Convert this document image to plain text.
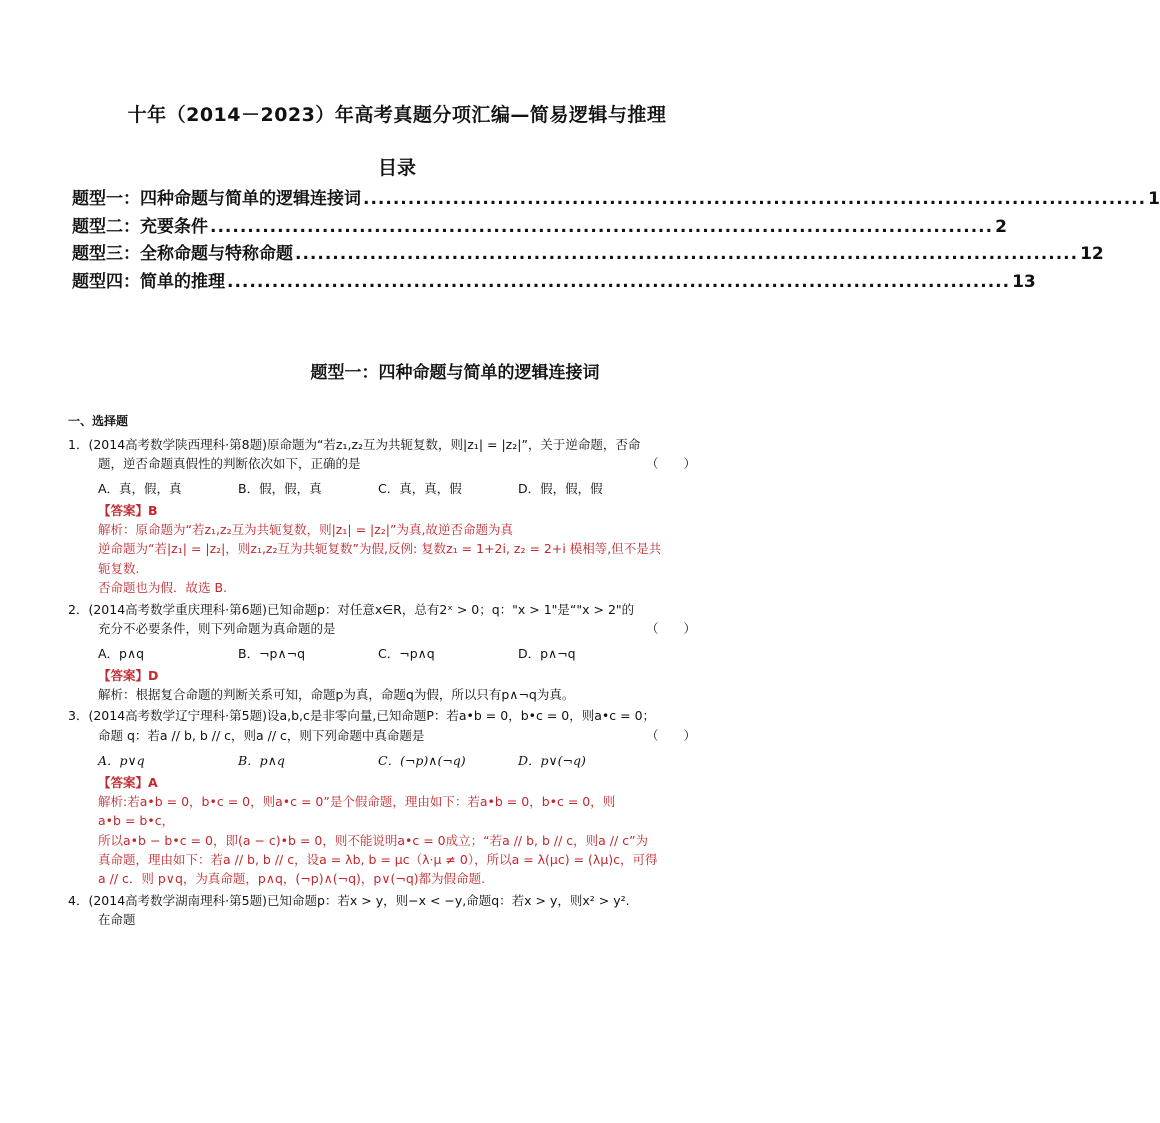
十年（2014－2023）年高考真题分项汇编—简易逻辑与推理
目录
题型一：四种命题与简单的逻辑连接词 ......................................................................................................... 1
题型二：充要条件 ......................................................................................................... 2
题型三：全称命题与特称命题 ......................................................................................................... 12
题型四：简单的推理 ......................................................................................................... 13
题型一：四种命题与简单的逻辑连接词
一、选择题
1．(2014高考数学陕西理科·第8题)原命题为“若z₁,z₂互为共轭复数，则|z₁| = |z₂|”，关于逆命题，否命
题，逆否命题真假性的判断依次如下，正确的是	（　　）
A．真，假，真	B．假，假，真	C．真，真，假	D．假，假，假
【答案】B
解析：原命题为“若z₁,z₂互为共轭复数，则|z₁| = |z₂|”为真,故逆否命题为真
逆命题为“若|z₁| = |z₂|，则z₁,z₂互为共轭复数”为假,反例: 复数z₁ = 1+2i, z₂ = 2+i 模相等,但不是共
轭复数.
否命题也为假．故选 B.
2．(2014高考数学重庆理科·第6题)已知命题p：对任意x∈R，总有2ˣ > 0；q："x > 1"是“"x > 2"的
充分不必要条件，则下列命题为真命题的是	（　　）
A．p∧q	B．¬p∧¬q	C．¬p∧q	D．p∧¬q
【答案】D
解析：根据复合命题的判断关系可知，命题p为真，命题q为假，所以只有p∧¬q为真。
3．(2014高考数学辽宁理科·第5题)设a,b,c是非零向量,已知命题P：若a•b = 0，b•c = 0，则a•c = 0；
命题 q：若a // b, b // c，则a // c，则下列命题中真命题是	（　　）
A．p∨q	B．p∧q	C．(¬p)∧(¬q)	D．p∨(¬q)
【答案】A
解析:若a•b = 0，b•c = 0，则a•c = 0”是个假命题，理由如下：若a•b = 0，b•c = 0，则
a•b = b•c，
所以a•b − b•c = 0，即(a − c)•b = 0，则不能说明a•c = 0成立；“若a // b, b // c，则a // c”为
真命题，理由如下：若a // b, b // c，设a = λb, b = μc（λ·μ ≠ 0），所以a = λ(μc) = (λμ)c，可得
a // c．则 p∨q，为真命题，p∧q，(¬p)∧(¬q)，p∨(¬q)都为假命题.
4．(2014高考数学湖南理科·第5题)已知命题p：若x > y，则−x < −y,命题q：若x > y，则x² > y².
在命题
